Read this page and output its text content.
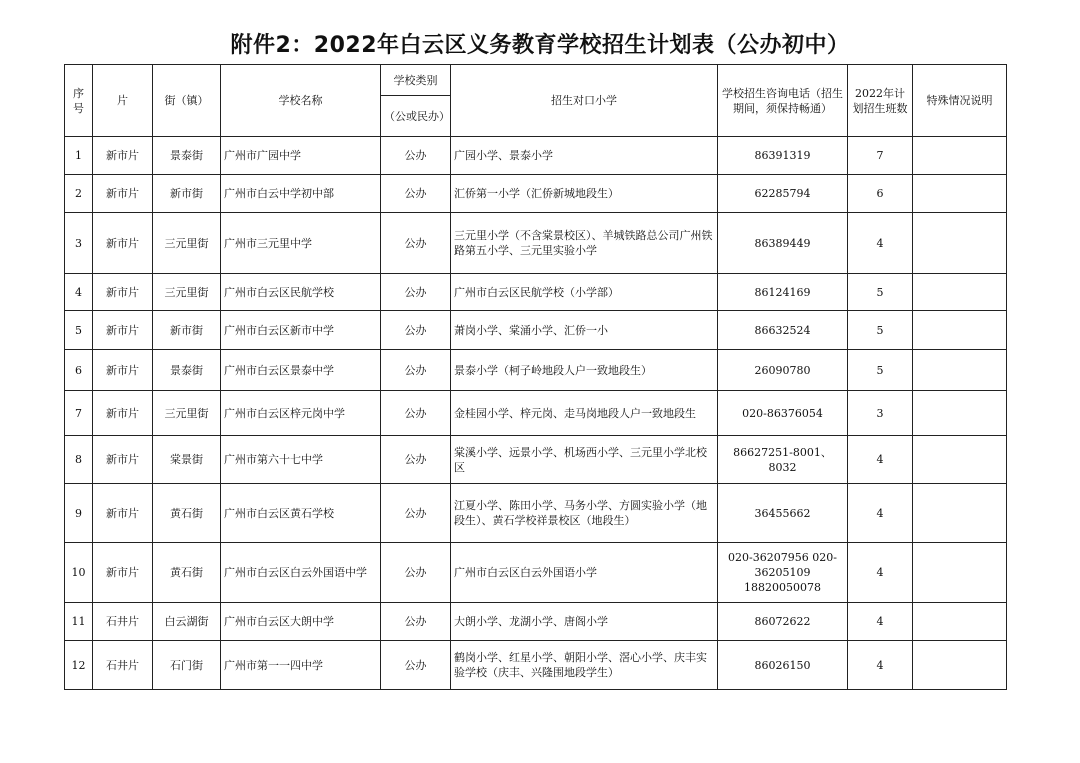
附件2：2022年白云区义务教育学校招生计划表（公办初中）
序号	片	街（镇）	学校名称	学校类别	招生对口小学	学校招生咨询电话（招生期间，须保持畅通）	2022年计划招生班数	特殊情况说明
				（公或民办）				
1	新市片	景泰街	广州市广园中学	公办	广园小学、景泰小学	86391319	7	
2	新市片	新市街	广州市白云中学初中部	公办	汇侨第一小学（汇侨新城地段生）	62285794	6	
3	新市片	三元里街	广州市三元里中学	公办	三元里小学（不含棠景校区）、羊城铁路总公司广州铁路第五小学、三元里实验小学	86389449	4	
4	新市片	三元里街	广州市白云区民航学校	公办	广州市白云区民航学校（小学部）	86124169	5	
5	新市片	新市街	广州市白云区新市中学	公办	萧岗小学、棠涌小学、汇侨一小	86632524	5	
6	新市片	景泰街	广州市白云区景泰中学	公办	景泰小学（柯子岭地段人户一致地段生）	26090780	5	
7	新市片	三元里街	广州市白云区梓元岗中学	公办	金桂园小学、梓元岗、走马岗地段人户一致地段生	020-86376054	3	
8	新市片	棠景街	广州市第六十七中学	公办	棠溪小学、远景小学、机场西小学、三元里小学北校区	86627251-8001、8032	4	
9	新市片	黄石街	广州市白云区黄石学校	公办	江夏小学、陈田小学、马务小学、方圆实验小学（地段生）、黄石学校祥景校区（地段生）	36455662	4	
10	新市片	黄石街	广州市白云区白云外国语中学	公办	广州市白云区白云外国语小学	020-36207956 020-36205109 18820050078	4	
11	石井片	白云湖街	广州市白云区大朗中学	公办	大朗小学、龙湖小学、唐阁小学	86072622	4	
12	石井片	石门街	广州市第一一四中学	公办	鹤岗小学、红星小学、朝阳小学、滘心小学、庆丰实验学校（庆丰、兴隆围地段学生）	86026150	4	
